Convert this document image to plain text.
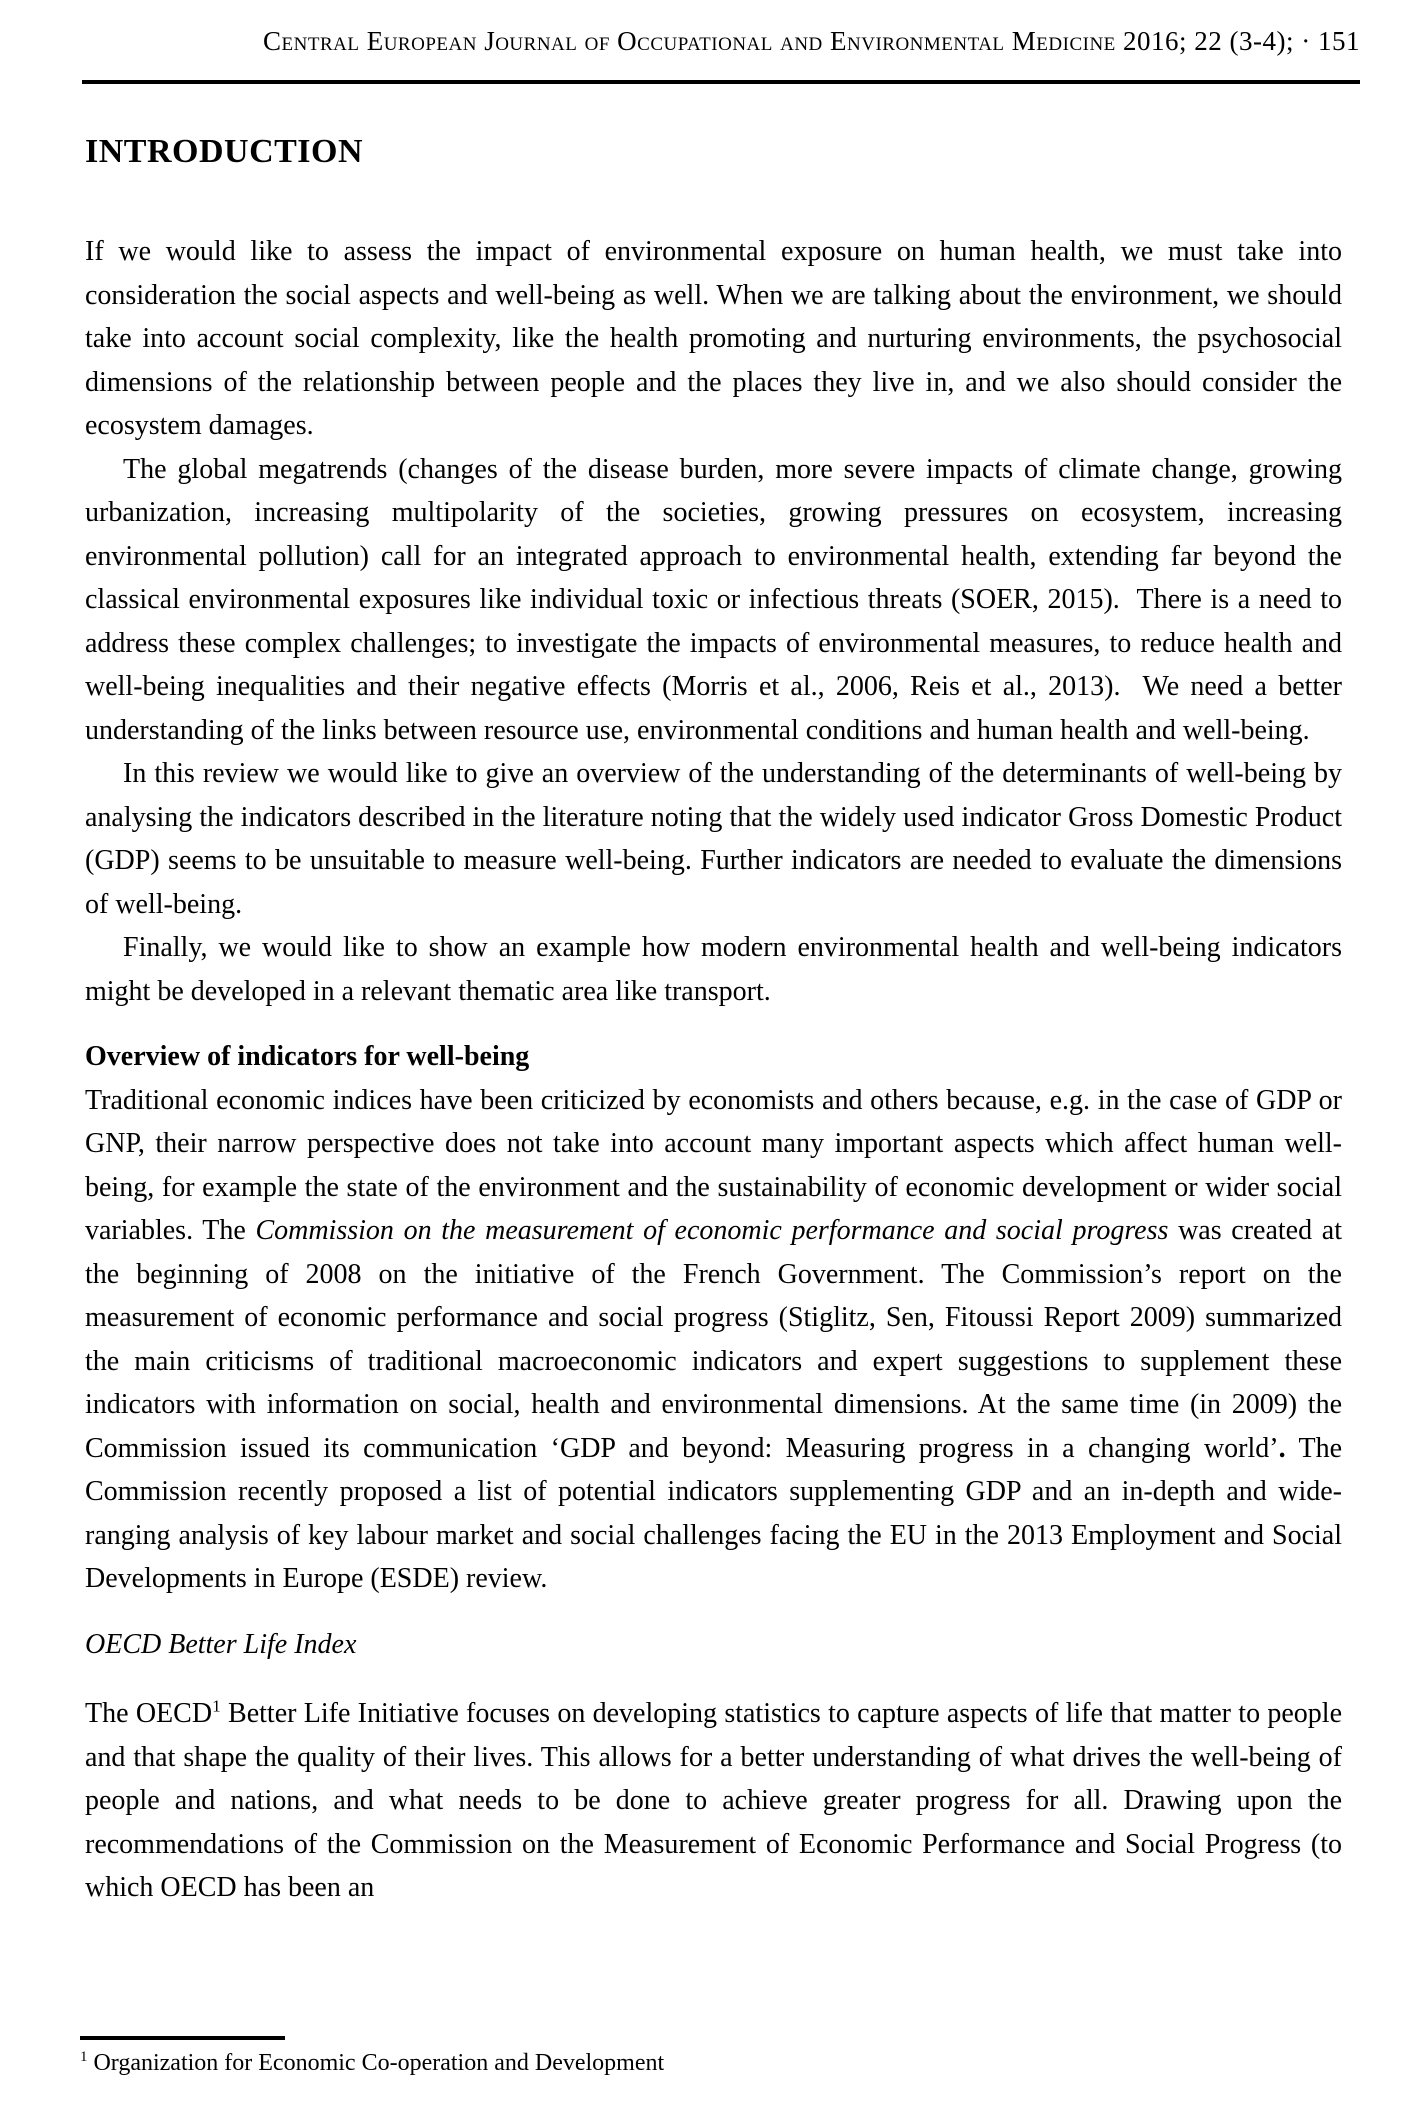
Central European Journal of Occupational and Environmental Medicine 2016; 22 (3-4); · 151
INTRODUCTION

If we would like to assess the impact of environmental exposure on human health, we must take into consideration the social aspects and well-being as well. When we are talking about the environment, we should take into account social complexity, like the health promoting and nurturing environments, the psychosocial dimensions of the relationship between people and the places they live in, and we also should consider the ecosystem damages.

The global megatrends (changes of the disease burden, more severe impacts of climate change, growing urbanization, increasing multipolarity of the societies, growing pressures on ecosystem, increasing environmental pollution) call for an integrated approach to environmental health, extending far beyond the classical environmental exposures like individual toxic or infectious threats (SOER, 2015).  There is a need to address these complex challenges; to investigate the impacts of environmental measures, to reduce health and well-being inequalities and their negative effects (Morris et al., 2006, Reis et al., 2013).  We need a better understanding of the links between resource use, environmental conditions and human health and well-being.

In this review we would like to give an overview of the understanding of the determinants of well-being by analysing the indicators described in the literature noting that the widely used indicator Gross Domestic Product (GDP) seems to be unsuitable to measure well-being. Further indicators are needed to evaluate the dimensions of well-being.

Finally, we would like to show an example how modern environmental health and well-being indicators might be developed in a relevant thematic area like transport.

Overview of indicators for well-being

Traditional economic indices have been criticized by economists and others because, e.g. in the case of GDP or GNP, their narrow perspective does not take into account many important aspects which affect human well-being, for example the state of the environment and the sustainability of economic development or wider social variables. The Commission on the measurement of economic performance and social progress was created at the beginning of 2008 on the initiative of the French Government. The Commission’s report on the measurement of economic performance and social progress (Stiglitz, Sen, Fitoussi Report 2009) summarized the main criticisms of traditional macroeconomic indicators and expert suggestions to supplement these indicators with information on social, health and environmental dimensions. At the same time (in 2009) the Commission issued its communication ‘GDP and beyond: Measuring progress in a changing world’. The Commission recently proposed a list of potential indicators supplementing GDP and an in-depth and wide-ranging analysis of key labour market and social challenges facing the EU in the 2013 Employment and Social Developments in Europe (ESDE) review.

OECD Better Life Index

The OECD$^1$ Better Life Initiative focuses on developing statistics to capture aspects of life that matter to people and that shape the quality of their lives. This allows for a better understanding of what drives the well-being of people and nations, and what needs to be done to achieve greater progress for all. Drawing upon the recommendations of the Commission on the Measurement of Economic Performance and Social Progress (to which OECD has been an

$^1$ Organization for Economic Co-operation and Development
